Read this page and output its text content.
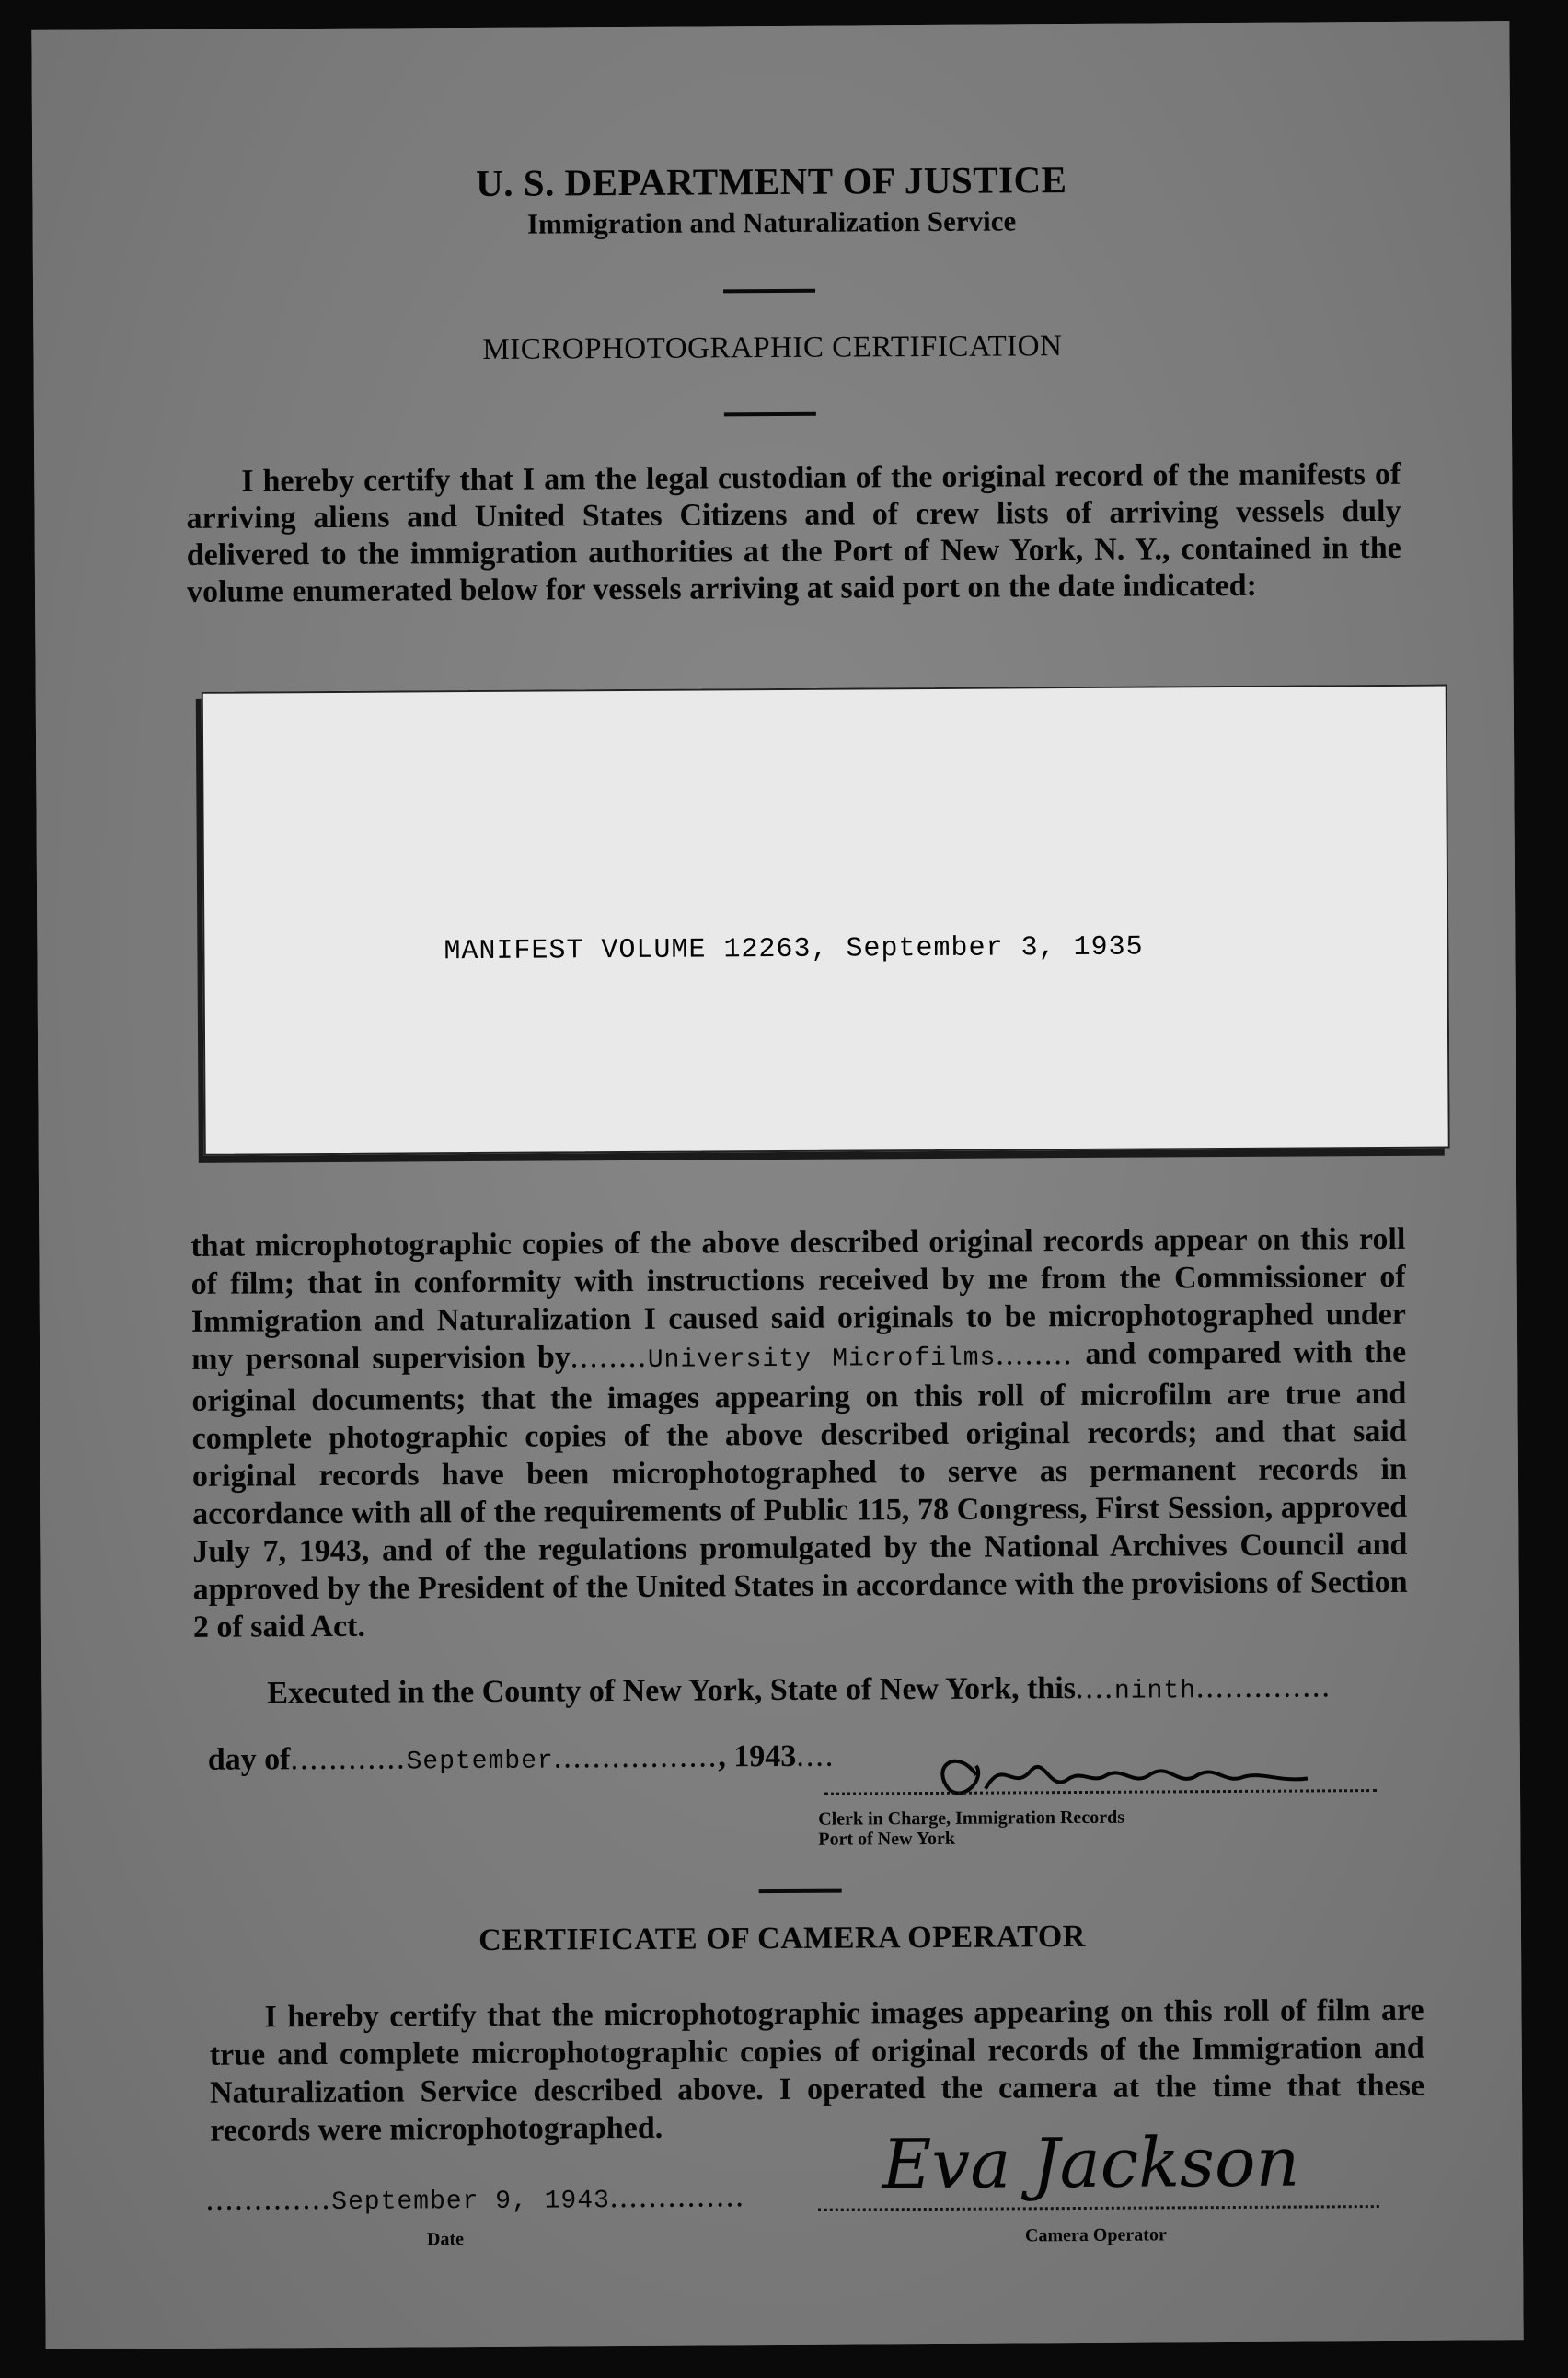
U. S. DEPARTMENT OF JUSTICE
Immigration and Naturalization Service
MICROPHOTOGRAPHIC CERTIFICATION
I hereby certify that I am the legal custodian of the original record of the manifests of arriving aliens and United States Citizens and of crew lists of arriving vessels duly delivered to the immigration authorities at the Port of New York, N. Y., contained in the volume enumerated below for vessels arriving at said port on the date indicated:
MANIFEST VOLUME 12263, September 3, 1935
that microphotographic copies of the above described original records appear on this roll of film; that in conformity with instructions received by me from the Commissioner of Immigration and Naturalization I caused said originals to be microphotographed under my personal supervision by........University Microfilms........ and compared with the original documents; that the images appearing on this roll of microfilm are true and complete photographic copies of the above described original records; and that said original records have been microphotographed to serve as permanent records in accordance with all of the requirements of Public 115, 78 Congress, First Session, approved July 7, 1943, and of the regulations promulgated by the National Archives Council and approved by the President of the United States in accordance with the provisions of Section 2 of said Act.
Executed in the County of New York, State of New York, this....ninth..............
day of............September................., 1943....
Clerk in Charge, Immigration Records
Port of New York
CERTIFICATE OF CAMERA OPERATOR
I hereby certify that the microphotographic images appearing on this roll of film are true and complete microphotographic copies of original records of the Immigration and Naturalization Service described above. I operated the camera at the time that these records were microphotographed.
.............September 9, 1943..............
Date
Eva Jackson
Camera Operator
